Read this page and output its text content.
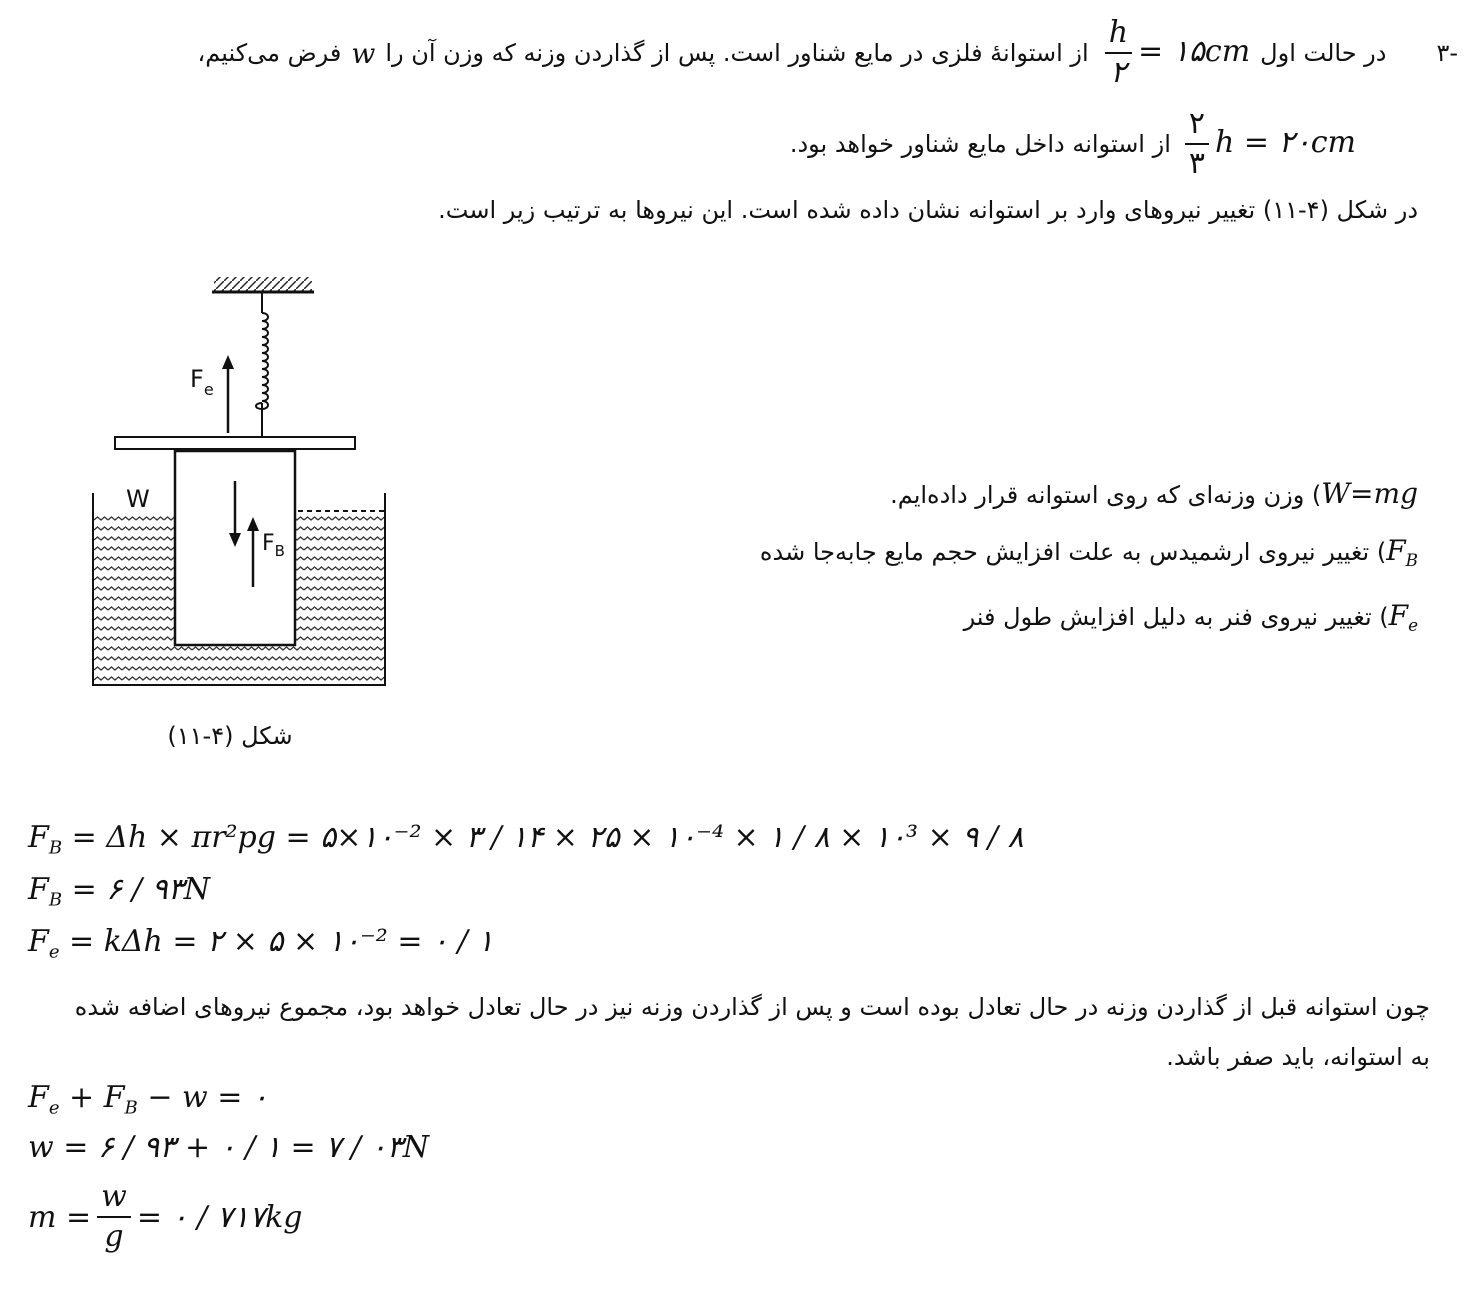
-۳
در حالت اول
$\frac{h}{۲}$ = ۱۵cm
از استوانهٔ فلزی در مایع شناور است. پس از گذاردن وزنه که وزن آن را
w
فرض می‌کنیم،
$\frac{۲}{۳}$ h = ۲۰cm
از استوانه داخل مایع شناور خواهد بود.
در شکل (۴-۱۱) تغییر نیروهای وارد بر استوانه نشان داده شده است. این نیروها به ترتیب زیر است.
$F_e$
W
$F_B$
شکل (۴-۱۱)
W=mg) وزن وزنه‌ای که روی استوانه قرار داده‌ایم.
$F_B$) تغییر نیروی ارشمیدس به علت افزایش حجم مایع جابه‌جا شده
$F_e$) تغییر نیروی فنر به دلیل افزایش طول فنر
$F_B = \Delta h \times \pi r^2pg$ = ۵×۱۰⁻² × ۳ / ۱۴ × ۲۵ × ۱۰⁻⁴ × ۱ / ۸ × ۱۰³ × ۹ / ۸
$F_B$ = ۶ / ۹۳N
$F_e = k\Delta h$ = ۲ × ۵ × ۱۰⁻² = ۰ / ۱
چون استوانه قبل از گذاردن وزنه در حال تعادل بوده است و پس از گذاردن وزنه نیز در حال تعادل خواهد بود، مجموع نیروهای اضافه شده
به استوانه، باید صفر باشد.
$F_e + F_B - w$ = ۰
w = ۶ / ۹۳ + ۰ / ۱ = ۷ / ۰۳N
$m = \frac{w}{g}$ = ۰ / ۷۱۷kg
